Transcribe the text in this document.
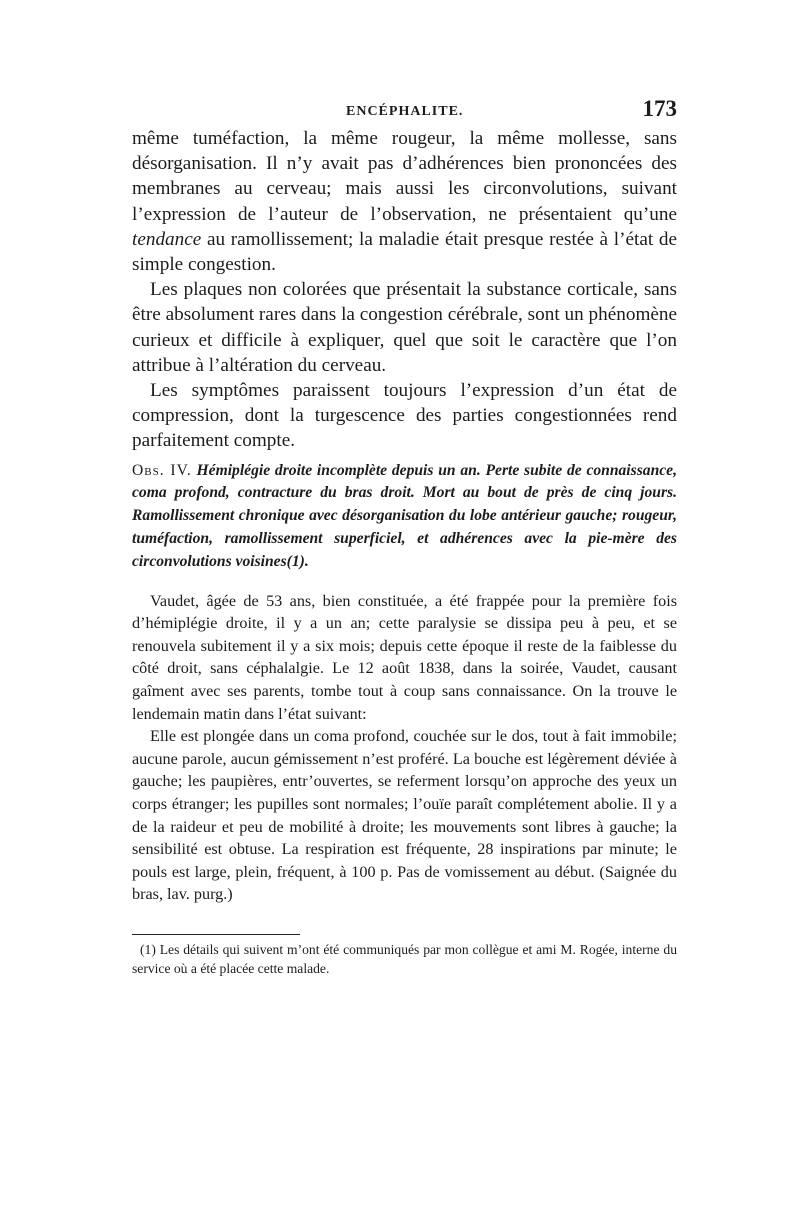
ENCÉPHALITE.	173

même tuméfaction, la même rougeur, la même mollesse, sans désorganisation. Il n’y avait pas d’adhérences bien prononcées des membranes au cerveau; mais aussi les circonvolutions, suivant l’expression de l’auteur de l’observation, ne présentaient qu’une tendance au ramollissement; la maladie était presque restée à l’état de simple congestion.

Les plaques non colorées que présentait la substance corticale, sans être absolument rares dans la congestion cérébrale, sont un phénomène curieux et difficile à expliquer, quel que soit le caractère que l’on attribue à l’altération du cerveau.

Les symptômes paraissent toujours l’expression d’un état de compression, dont la turgescence des parties congestionnées rend parfaitement compte.

Obs. IV. Hémiplégie droite incomplète depuis un an. Perte subite de connaissance, coma profond, contracture du bras droit. Mort au bout de près de cinq jours. Ramollissement chronique avec désorganisation du lobe antérieur gauche; rougeur, tuméfaction, ramollissement superficiel, et adhérences avec la pie-mère des circonvolutions voisines(1).

Vaudet, âgée de 53 ans, bien constituée, a été frappée pour la première fois d’hémiplégie droite, il y a un an; cette paralysie se dissipa peu à peu, et se renouvela subitement il y a six mois; depuis cette époque il reste de la faiblesse du côté droit, sans céphalalgie. Le 12 août 1838, dans la soirée, Vaudet, causant gaîment avec ses parents, tombe tout à coup sans connaissance. On la trouve le lendemain matin dans l’état suivant:

Elle est plongée dans un coma profond, couchée sur le dos, tout à fait immobile; aucune parole, aucun gémissement n’est proféré. La bouche est légèrement déviée à gauche; les paupières, entr’ouvertes, se referment lorsqu’on approche des yeux un corps étranger; les pupilles sont normales; l’ouïe paraît complétement abolie. Il y a de la raideur et peu de mobilité à droite; les mouvements sont libres à gauche; la sensibilité est obtuse. La respiration est fréquente, 28 inspirations par minute; le pouls est large, plein, fréquent, à 100 p. Pas de vomissement au début. (Saignée du bras, lav. purg.)

(1) Les détails qui suivent m’ont été communiqués par mon collègue et ami M. Rogée, interne du service où a été placée cette malade.
